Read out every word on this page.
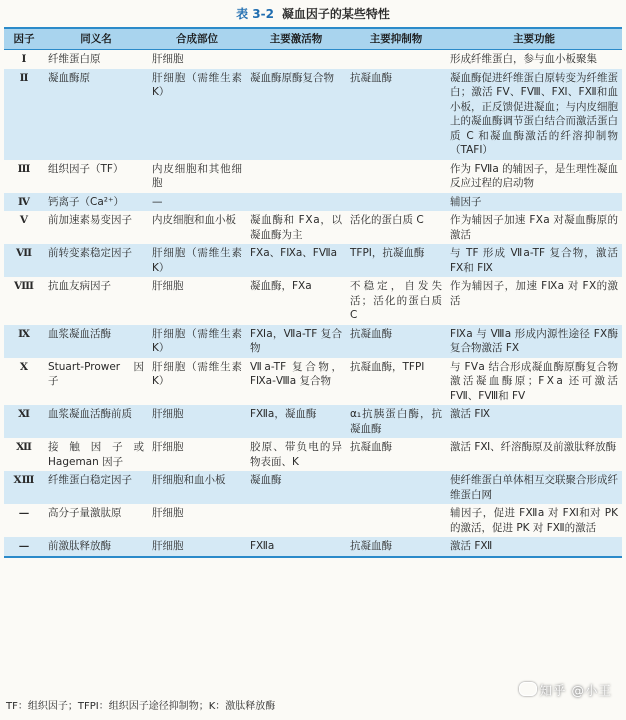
表 3-2 凝血因子的某些特性
因子	同义名	合成部位	主要激活物	主要抑制物	主要功能
Ⅰ	纤维蛋白原	肝细胞			形成纤维蛋白，参与血小板聚集
Ⅱ	凝血酶原	肝细胞（需维生素 K）	凝血酶原酶复合物	抗凝血酶	凝血酶促进纤维蛋白原转变为纤维蛋白；激活 FⅤ、FⅧ、FⅪ、FⅫ和血小板，正反馈促进凝血；与内皮细胞上的凝血酶调节蛋白结合而激活蛋白质 C 和凝血酶激活的纤溶抑制物（TAFI）
Ⅲ	组织因子（TF）	内皮细胞和其他细胞			作为 FⅦa 的辅因子，是生理性凝血反应过程的启动物
Ⅳ	钙离子（Ca²⁺）	—			辅因子
Ⅴ	前加速素易变因子	内皮细胞和血小板	凝血酶和 FⅩa，以凝血酶为主	活化的蛋白质 C	作为辅因子加速 FⅩa 对凝血酶原的激活
Ⅶ	前转变素稳定因子	肝细胞（需维生素 K）	FⅩa、FⅨa、FⅦa	TFPI，抗凝血酶	与 TF 形成 Ⅶa-TF 复合物，激活 FⅩ和 FⅨ
Ⅷ	抗血友病因子	肝细胞	凝血酶，FⅩa	不稳定，自发失活；活化的蛋白质 C	作为辅因子，加速 FⅨa 对 FⅩ的激活
Ⅸ	血浆凝血活酶	肝细胞（需维生素 K）	FⅪa，Ⅶa-TF 复合物	抗凝血酶	FⅨa 与 Ⅷa 形成内源性途径 FⅩ酶复合物激活 FⅩ
Ⅹ	Stuart-Prower 因子	肝细胞（需维生素 K）	Ⅶa-TF 复合物，FⅨa-Ⅷa 复合物	抗凝血酶，TFPI	与 FⅤa 结合形成凝血酶原酶复合物激活凝血酶原；FⅩa 还可激活 FⅦ、FⅧ和 FⅤ
Ⅺ	血浆凝血活酶前质	肝细胞	FⅫa，凝血酶	α₁抗胰蛋白酶，抗凝血酶	激活 FⅨ
Ⅻ	接触因子或 Hageman 因子	肝细胞	胶原、带负电的异物表面、K	抗凝血酶	激活 FⅪ、纤溶酶原及前激肽释放酶
ⅩⅢ	纤维蛋白稳定因子	肝细胞和血小板	凝血酶		使纤维蛋白单体相互交联聚合形成纤维蛋白网
—	高分子量激肽原	肝细胞			辅因子，促进 FⅫa 对 FⅪ和对 PK 的激活，促进 PK 对 FⅫ的激活
—	前激肽释放酶	肝细胞	FⅫa	抗凝血酶	激活 FⅫ
TF：组织因子；TFPI：组织因子途径抑制物；K：激肽释放酶
知乎 @小王
